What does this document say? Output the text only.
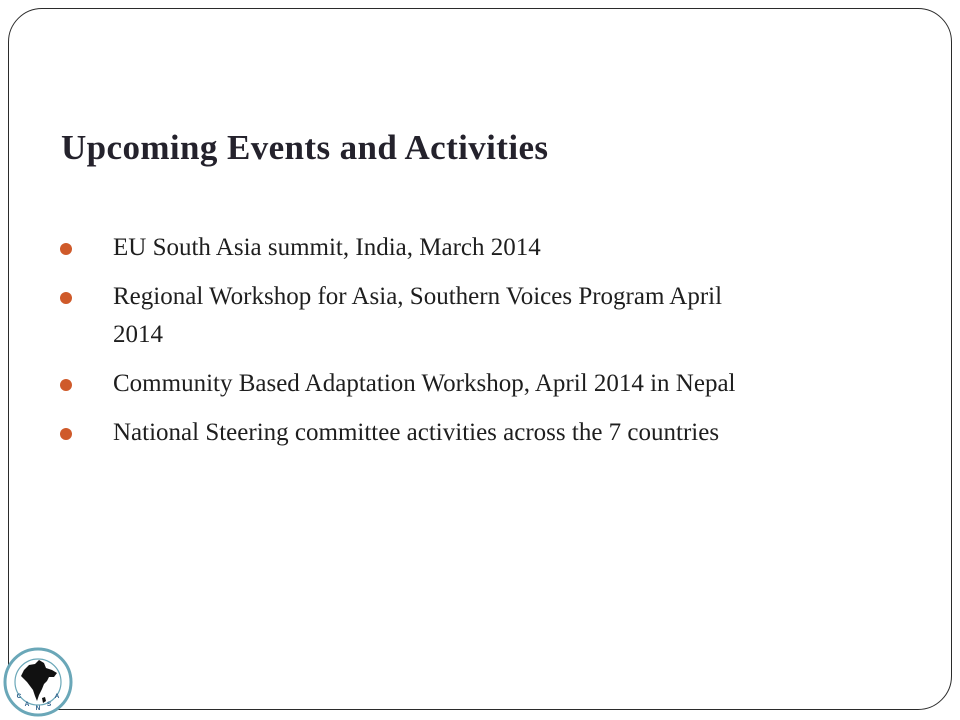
Upcoming Events and Activities
EU South Asia summit, India, March 2014
Regional Workshop for Asia, Southern Voices Program April
2014
Community Based Adaptation Workshop, April 2014 in Nepal
National Steering committee activities across the 7 countries
C
A
N
S
A
